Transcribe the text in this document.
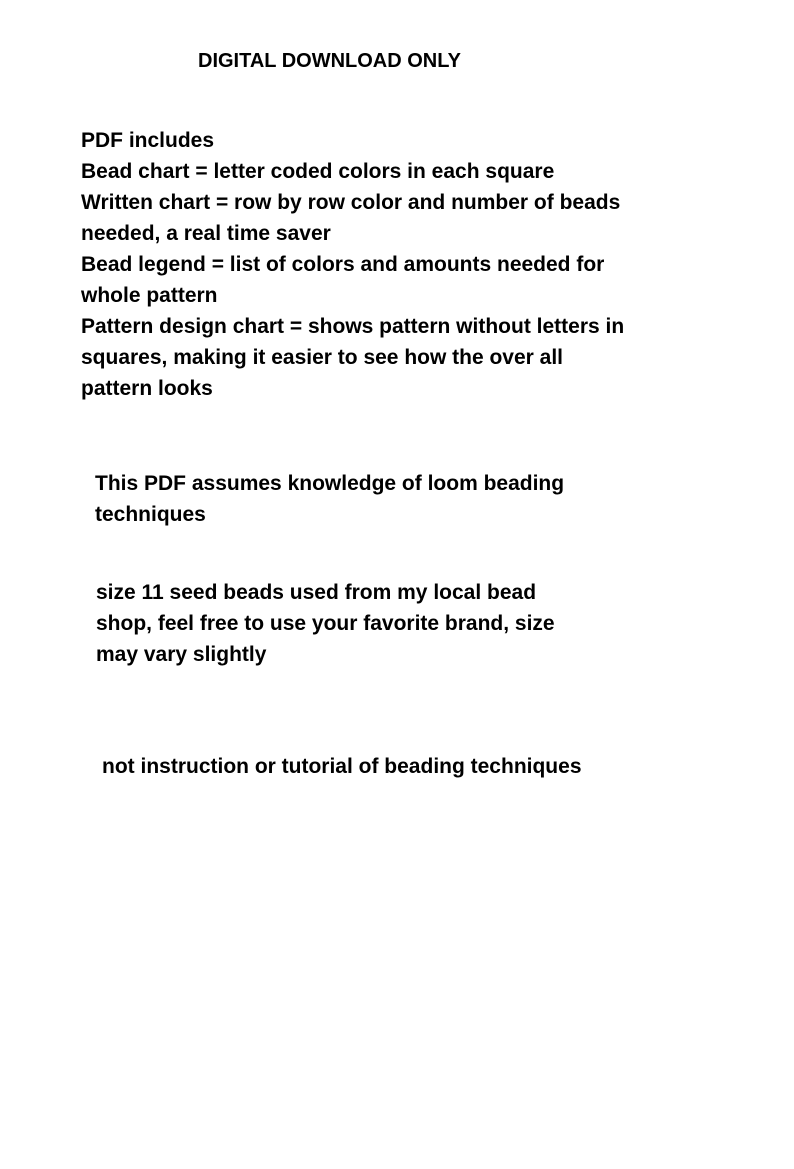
DIGITAL DOWNLOAD ONLY
PDF includes
Bead chart = letter coded colors in each square
Written chart = row by row color and number of beads
needed, a real time saver
Bead legend = list of colors and amounts needed for
whole pattern
Pattern design chart = shows pattern without letters in
squares, making it easier to see how the over all
pattern looks
This PDF assumes knowledge of loom beading
techniques
size 11 seed beads used from my local bead
shop, feel free to use your favorite brand, size
may vary slightly
not instruction or tutorial of beading techniques
